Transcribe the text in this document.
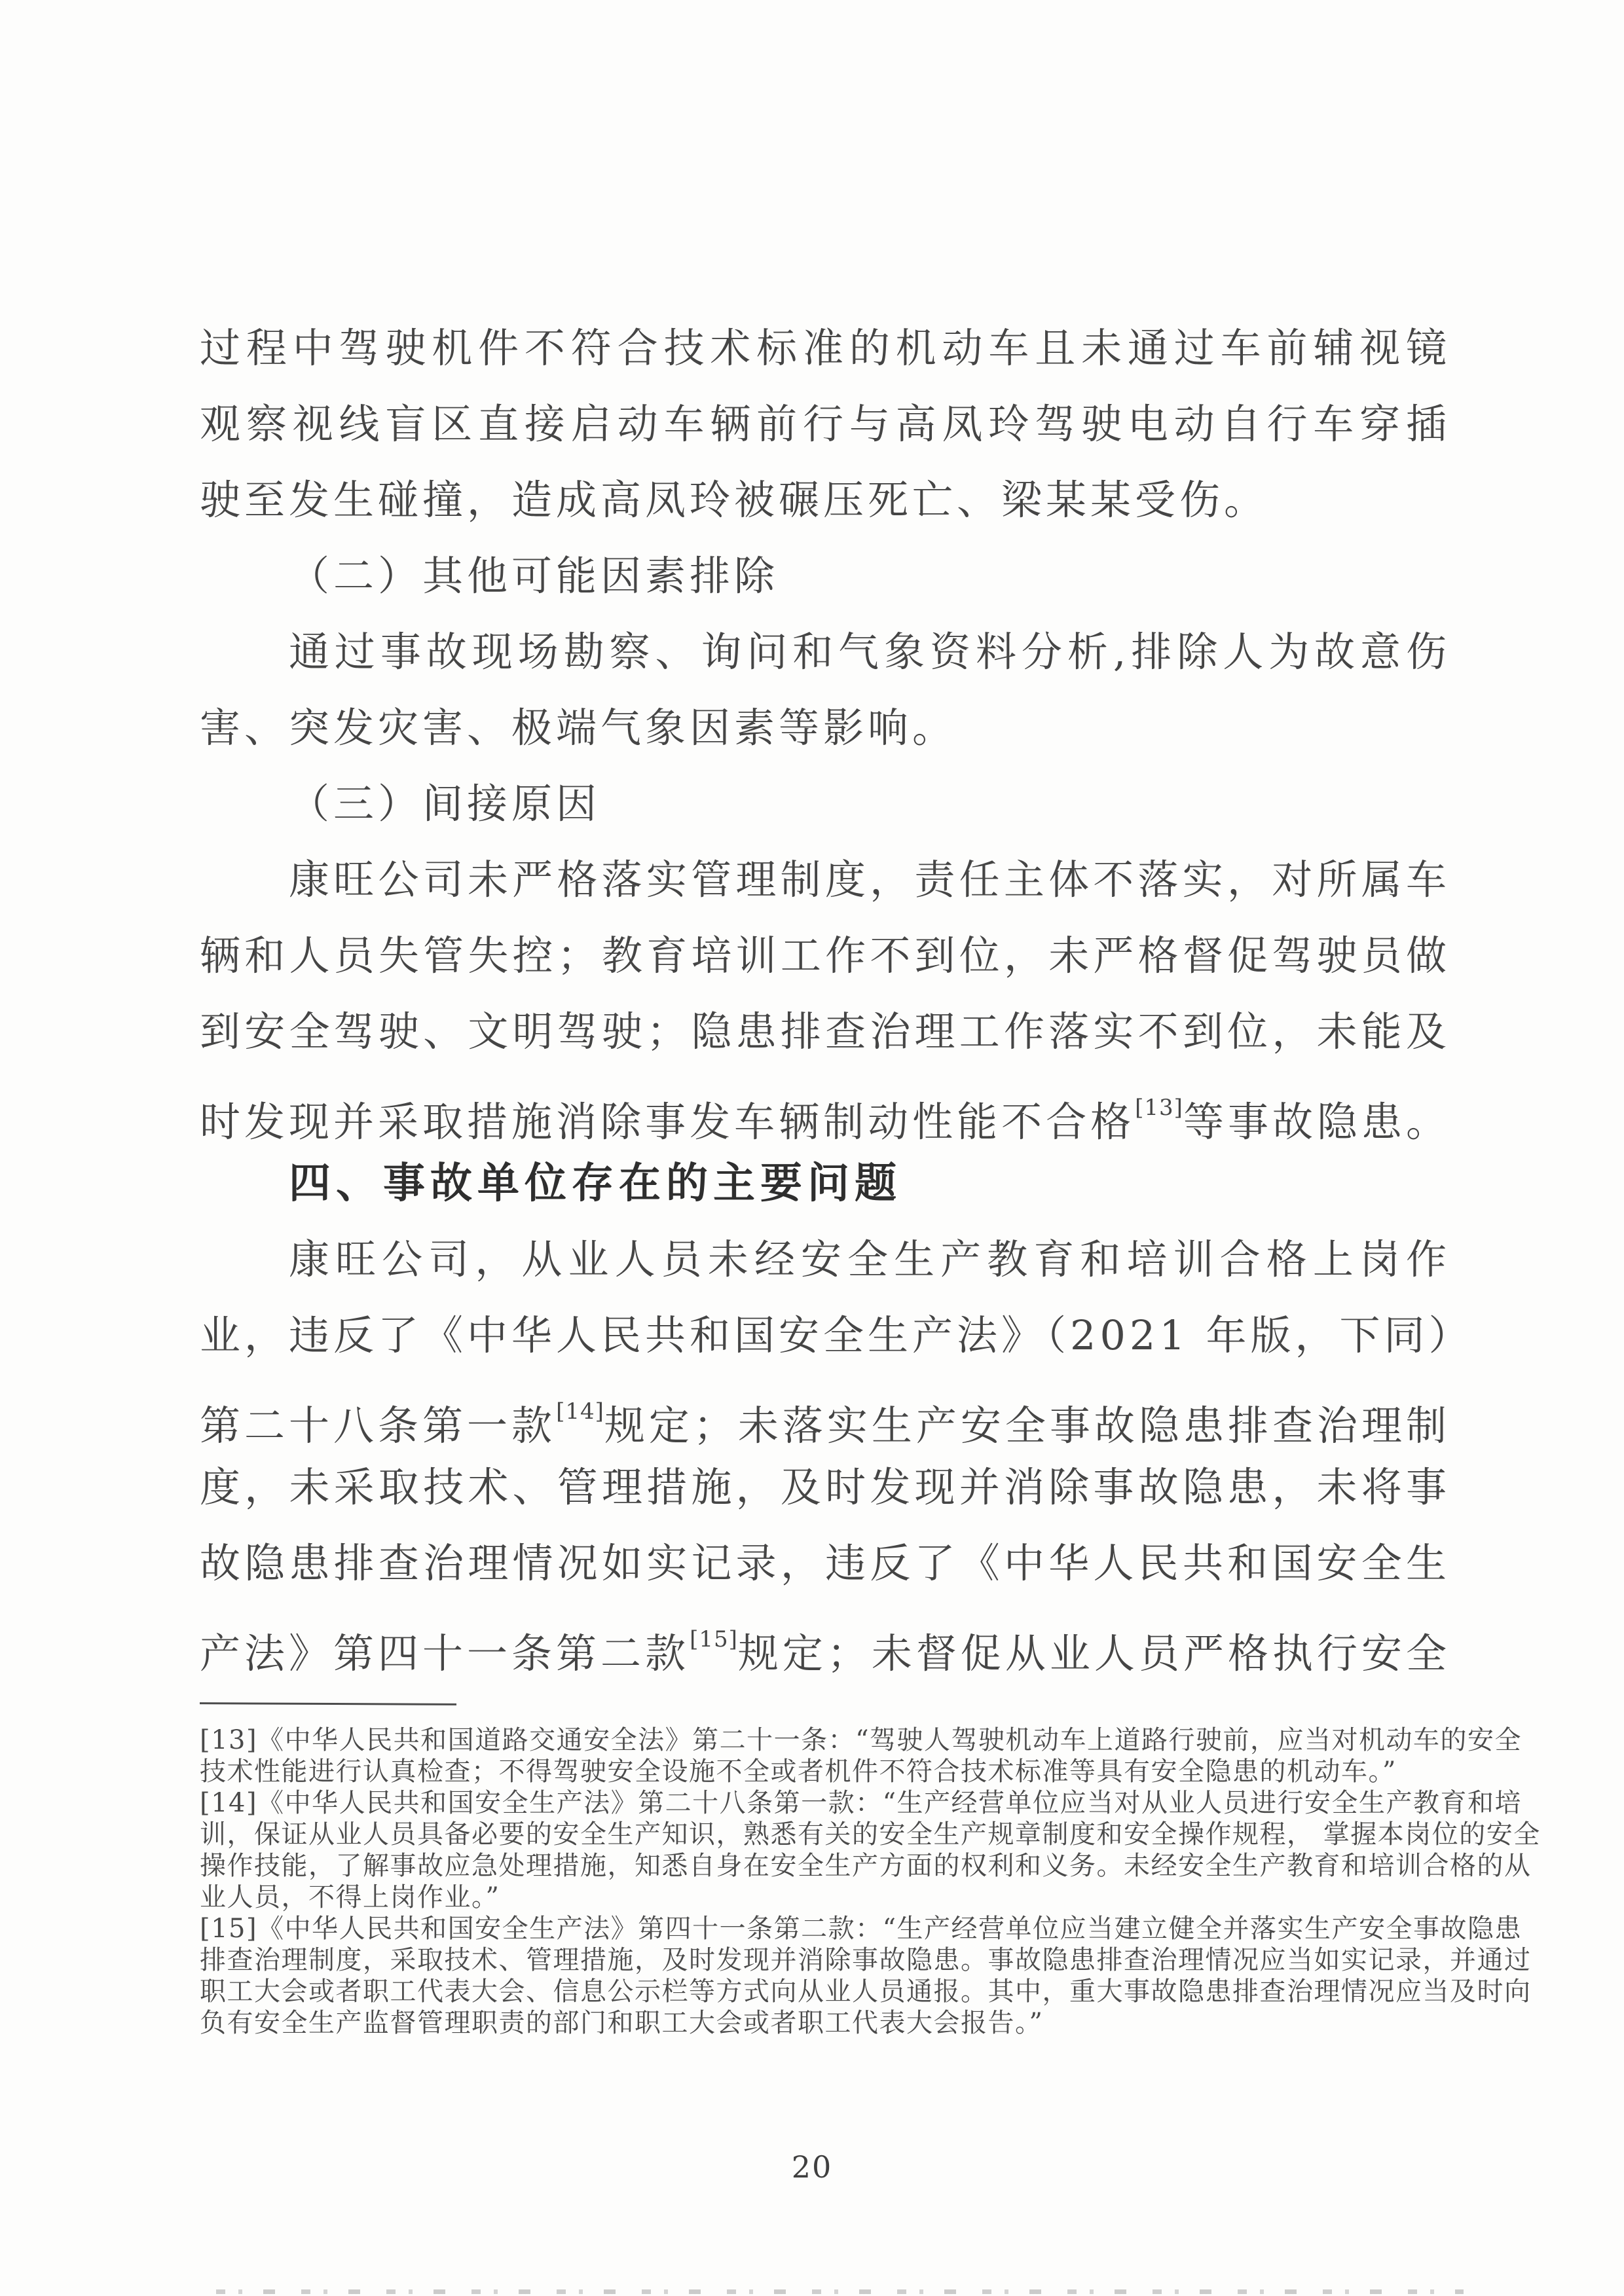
过程中驾驶机件不符合技术标准的机动车且未通过车前辅视镜
观察视线盲区直接启动车辆前行与高凤玲驾驶电动自行车穿插
驶至发生碰撞，造成高凤玲被碾压死亡、梁某某受伤。
（二）其他可能因素排除
通过事故现场勘察、询问和气象资料分析,排除人为故意伤
害、突发灾害、极端气象因素等影响。
（三）间接原因
康旺公司未严格落实管理制度，责任主体不落实，对所属车
辆和人员失管失控；教育培训工作不到位，未严格督促驾驶员做
到安全驾驶、文明驾驶；隐患排查治理工作落实不到位，未能及
时发现并采取措施消除事发车辆制动性能不合格[13]等事故隐患。
四、事故单位存在的主要问题
康旺公司，从业人员未经安全生产教育和培训合格上岗作
业，违反了《中华人民共和国安全生产法》（2021 年版，下同）
第二十八条第一款[14]规定；未落实生产安全事故隐患排查治理制
度，未采取技术、管理措施，及时发现并消除事故隐患，未将事
故隐患排查治理情况如实记录，违反了《中华人民共和国安全生
产法》第四十一条第二款[15]规定；未督促从业人员严格执行安全
[13]《中华人民共和国道路交通安全法》第二十一条：“驾驶人驾驶机动车上道路行驶前，应当对机动车的安全
技术性能进行认真检查；不得驾驶安全设施不全或者机件不符合技术标准等具有安全隐患的机动车。”
[14]《中华人民共和国安全生产法》第二十八条第一款：“生产经营单位应当对从业人员进行安全生产教育和培
训，保证从业人员具备必要的安全生产知识，熟悉有关的安全生产规章制度和安全操作规程， 掌握本岗位的安全
操作技能，了解事故应急处理措施，知悉自身在安全生产方面的权利和义务。未经安全生产教育和培训合格的从
业人员，不得上岗作业。”
[15]《中华人民共和国安全生产法》第四十一条第二款：“生产经营单位应当建立健全并落实生产安全事故隐患
排查治理制度，采取技术、管理措施，及时发现并消除事故隐患。事故隐患排查治理情况应当如实记录，并通过
职工大会或者职工代表大会、信息公示栏等方式向从业人员通报。其中，重大事故隐患排查治理情况应当及时向
负有安全生产监督管理职责的部门和职工大会或者职工代表大会报告。”
20
